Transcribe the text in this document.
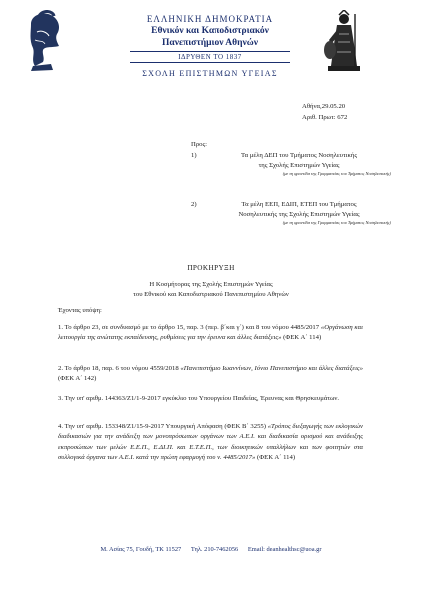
ΕΛΛΗΝΙΚΗ ΔΗΜΟΚΡΑΤΙΑ
Εθνικόν και Καποδιστριακόν
Πανεπιστήμιον Αθηνών
ΙΔΡΥΘΕΝ ΤΟ 1837
ΣΧΟΛΗ ΕΠΙΣΤΗΜΩΝ ΥΓΕΙΑΣ
Αθήνα,29.05.20
Αριθ. Πρωτ: 672
Προς:
1)	Τα μέλη ΔΕΠ του Τμήματος Νοσηλευτικής
της Σχολής Επιστημών Υγείας
(με τη φροντίδα της Γραμματείας του Τμήματος Νοσηλευτικής)
2)	Τα μέλη ΕΕΠ, ΕΔΙΠ, ΕΤΕΠ του Τμήματος
Νοσηλευτικής της Σχολής Επιστημών Υγείας
(με τη φροντίδα της Γραμματείας του Τμήματος Νοσηλευτικής)
ΠΡΟΚΗΡΥΞΗ
Η Κοσμήτορας της Σχολής Επιστημών Υγείας
του Εθνικού και Καποδιστριακού Πανεπιστημίου Αθηνών
Έχοντας υπόψη:
1. Το άρθρο 23, σε συνδυασμό με το άρθρο 15, παρ. 3 (περ. β΄και γ΄) και 8 του νόμου 4485/2017 «Οργάνωση και λειτουργία της ανώτατης εκπαίδευσης, ρυθμίσεις για την έρευνα και άλλες διατάξεις» (ΦΕΚ Α΄ 114)
2. Το άρθρο 18, παρ. 6 του νόμου 4559/2018 «Πανεπιστήμιο Ιωαννίνων, Ιόνιο Πανεπιστήμιο και άλλες διατάξεις» (ΦΕΚ Α΄ 142)
3. Την υπ' αριθμ. 144363/Ζ1/1-9-2017 εγκύκλιο του Υπουργείου Παιδείας, Έρευνας και Θρησκευμάτων.
4. Την υπ' αριθμ. 153348/Ζ1/15-9-2017 Υπουργική Απόφαση (ΦΕΚ Β΄ 3255) «Τρόπος διεξαγωγής των εκλογικών διαδικασιών για την ανάδειξη των μονοπρόσωπων οργάνων των Α.Ε.Ι. και διαδικασία ορισμού και ανάδειξης εκπροσώπων των μελών Ε.Ε.Π., Ε.ΔΙ.Π. και Ε.Τ.Ε.Π., των διοικητικών υπαλλήλων και των φοιτητών στα συλλογικά όργανα των Α.Ε.Ι. κατά την πρώτη εφαρμογή του ν. 4485/2017» (ΦΕΚ Α΄ 114)
Μ. Ασίας 75, Γουδή, ΤΚ 11527 Τηλ. 210-7462056 Email: deanhealthsc@uoa.gr
